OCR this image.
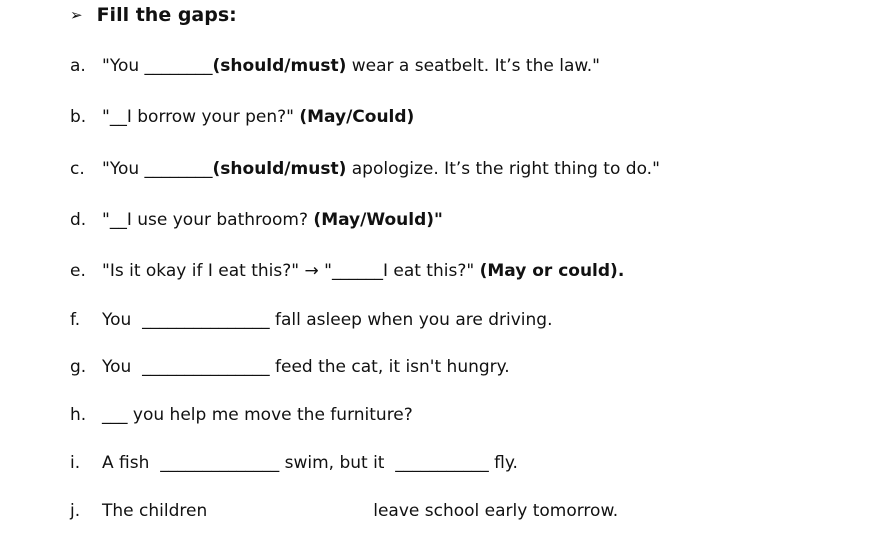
➢ Fill the gaps:
a. "You ________(should/must) wear a seatbelt. It’s the law."
b. "__I borrow your pen?" (May/Could)
c. "You ________(should/must) apologize. It’s the right thing to do."
d. "__I use your bathroom? (May/Would)"
e. "Is it okay if I eat this?" → "______I eat this?" (May or could).
f. You  _______________ fall asleep when you are driving.
g. You  _______________ feed the cat, it isn't hungry.
h. ___ you help me move the furniture?
i. A fish  ______________ swim, but it  ___________ fly.
j. The children	leave school early tomorrow.
